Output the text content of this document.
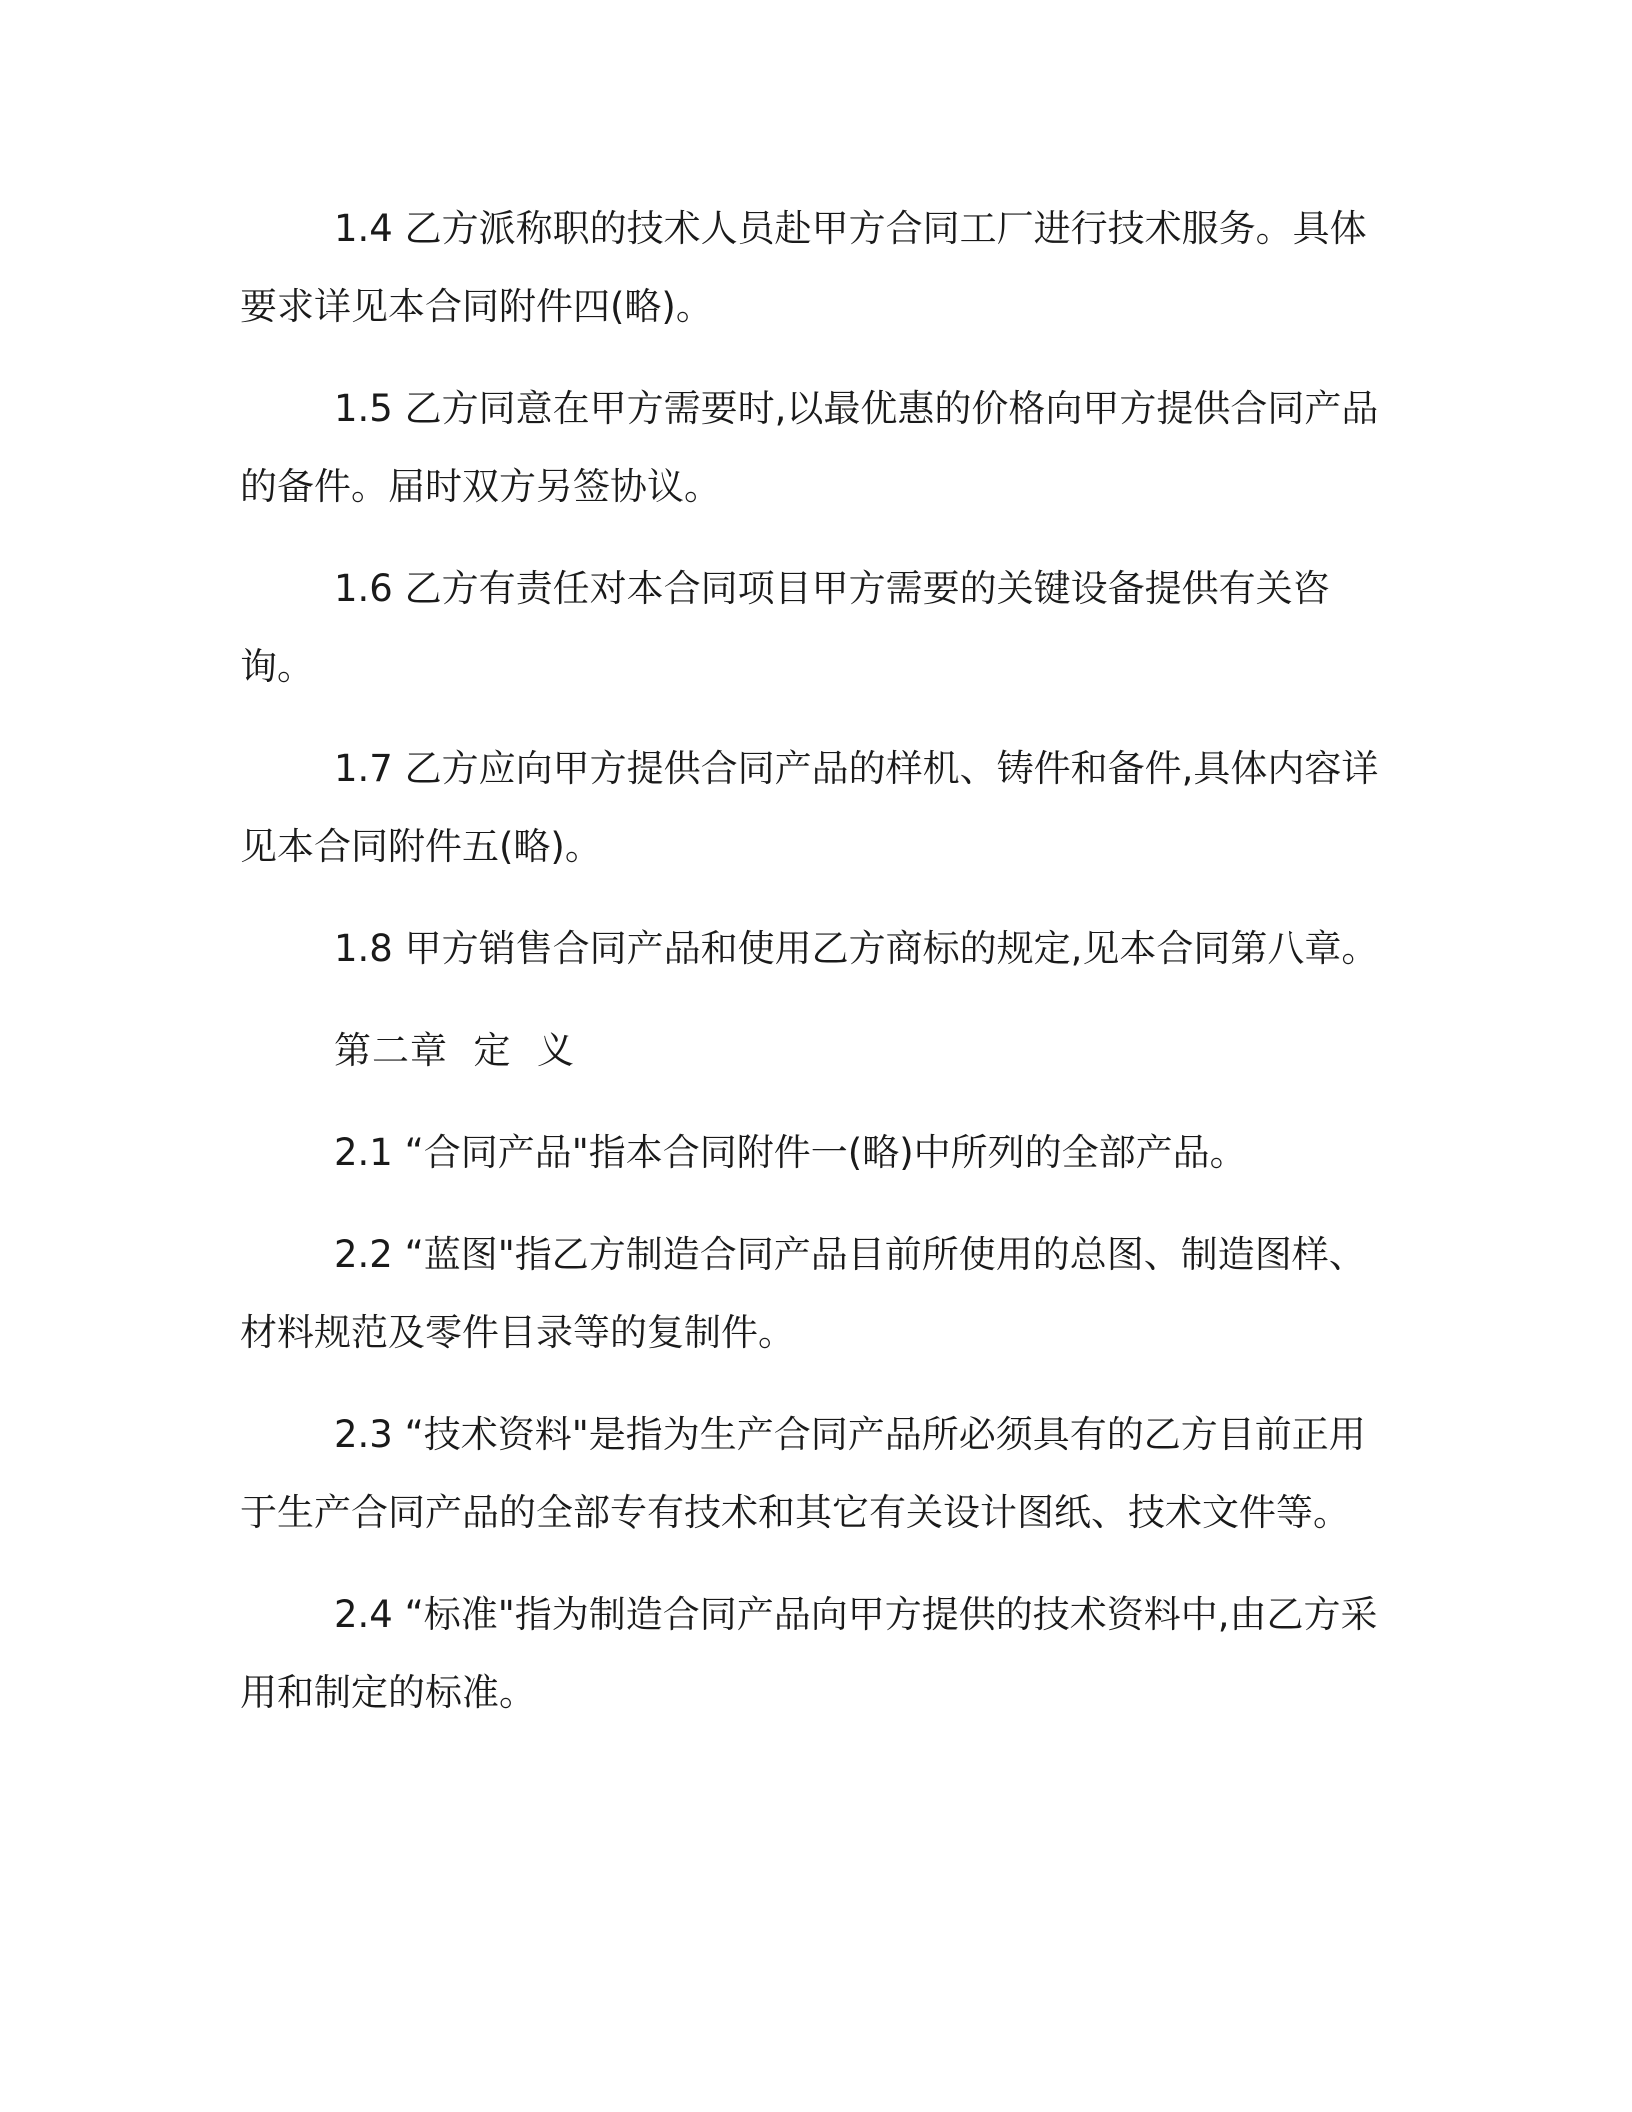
1.4 乙方派称职的技术人员赴甲方合同工厂进行技术服务。具体要求详见本合同附件四(略)。

1.5 乙方同意在甲方需要时,以最优惠的价格向甲方提供合同产品的备件。届时双方另签协议。

1.6 乙方有责任对本合同项目甲方需要的关键设备提供有关咨询。

1.7 乙方应向甲方提供合同产品的样机、铸件和备件,具体内容详见本合同附件五(略)。

1.8 甲方销售合同产品和使用乙方商标的规定,见本合同第八章。

第二章  定  义

2.1 “合同产品"指本合同附件一(略)中所列的全部产品。

2.2 “蓝图"指乙方制造合同产品目前所使用的总图、制造图样、材料规范及零件目录等的复制件。

2.3 “技术资料"是指为生产合同产品所必须具有的乙方目前正用于生产合同产品的全部专有技术和其它有关设计图纸、技术文件等。

2.4 “标准"指为制造合同产品向甲方提供的技术资料中,由乙方采用和制定的标准。
